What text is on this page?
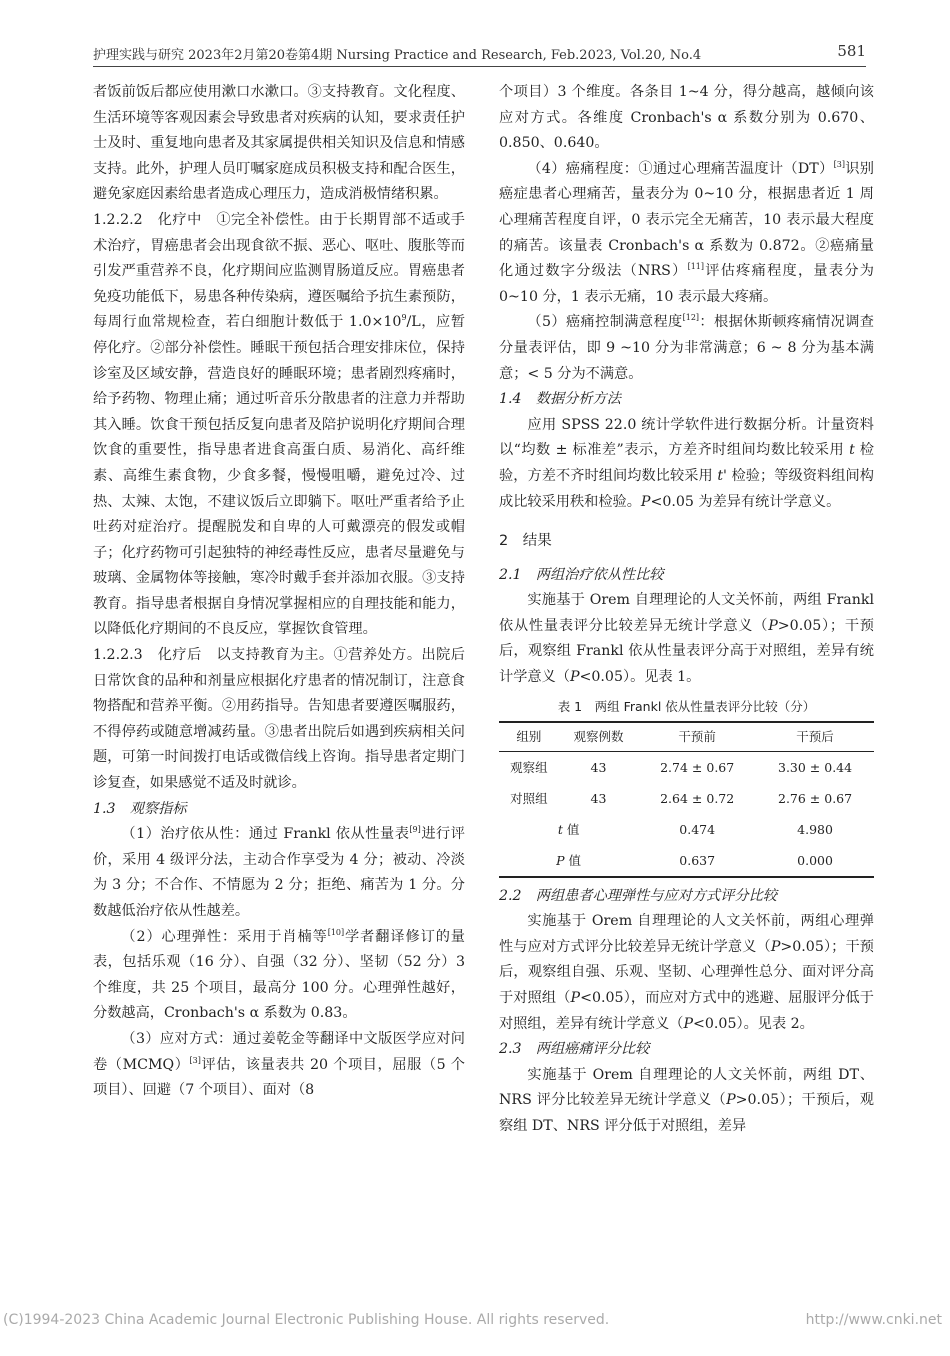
护理实践与研究 2023年2月第20卷第4期 Nursing Practice and Research, Feb.2023, Vol.20, No.4	581

者饭前饭后都应使用漱口水漱口。③支持教育。文化程度、生活环境等客观因素会导致患者对疾病的认知，要求责任护士及时、重复地向患者及其家属提供相关知识及信息和情感支持。此外，护理人员叮嘱家庭成员积极支持和配合医生，避免家庭因素给患者造成心理压力，造成消极情绪积累。

1.2.2.2　 化疗中　 ①完全补偿性。由于长期胃部不适或手术治疗，胃癌患者会出现食欲不振、恶心、呕吐、腹胀等而引发严重营养不良，化疗期间应监测胃肠道反应。胃癌患者免疫功能低下，易患各种传染病，遵医嘱给予抗生素预防，每周行血常规检查，若白细胞计数低于 $1.0\times 10^9/L$，应暂停化疗。②部分补偿性。睡眠干预包括合理安排床位，保持诊室及区域安静，营造良好的睡眠环境；患者剧烈疼痛时，给予药物、物理止痛；通过听音乐分散患者的注意力并帮助其入睡。饮食干预包括反复向患者及陪护说明化疗期间合理饮食的重要性，指导患者进食高蛋白质、易消化、高纤维素、高维生素食物，少食多餐，慢慢咀嚼，避免过冷、过热、太辣、太饱，不建议饭后立即躺下。呕吐严重者给予止吐药对症治疗。提醒脱发和自卑的人可戴漂亮的假发或帽子；化疗药物可引起独特的神经毒性反应，患者尽量避免与玻璃、金属物体等接触，寒冷时戴手套并添加衣服。③支持教育。指导患者根据自身情况掌握相应的自理技能和能力，以降低化疗期间的不良反应，掌握饮食管理。

1.2.2.3　 化疗后　 以支持教育为主。①营养处方。出院后日常饮食的品种和剂量应根据化疗患者的情况制订，注意食物搭配和营养平衡。②用药指导。告知患者要遵医嘱服药，不得停药或随意增减药量。③患者出院后如遇到疾病相关问题，可第一时间拨打电话或微信线上咨询。指导患者定期门诊复查，如果感觉不适及时就诊。

1.3　 观察指标

（1）治疗依从性：通过 Frankl 依从性量表[9]进行评价，采用 4 级评分法，主动合作享受为 4 分；被动、冷淡为 3 分；不合作、不情愿为 2 分；拒绝、痛苦为 1 分。分数越低治疗依从性越差。

（2）心理弹性：采用于肖楠等[10]学者翻译修订的量表，包括乐观（16 分）、自强（32 分）、坚韧（52 分）3 个维度，共 25 个项目，最高分 100 分。心理弹性越好，分数越高，Cronbach's α 系数为 0.83。

（3）应对方式：通过姜乾金等翻译中文版医学应对问卷（MCMQ）[3]评估，该量表共 20 个项目，屈服（5 个项目）、回避（7 个项目）、面对（8

个项目）3 个维度。各条目 1~4 分，得分越高，越倾向该应对方式。各维度 Cronbach's α 系数分别为 0.670、0.850、0.640。

（4）癌痛程度：①通过心理痛苦温度计（DT）[3]识别癌症患者心理痛苦，量表分为 0~10 分，根据患者近 1 周心理痛苦程度自评，0 表示完全无痛苦，10 表示最大程度的痛苦。该量表 Cronbach's α 系数为 0.872。②癌痛量化通过数字分级法（NRS）[11]评估疼痛程度，量表分为 0~10 分，1 表示无痛，10 表示最大疼痛。

（5）癌痛控制满意程度[12]：根据休斯顿疼痛情况调查分量表评估，即 9 ~10 分为非常满意；6 ~ 8 分为基本满意；< 5 分为不满意。

1.4　 数据分析方法

应用 SPSS 22.0 统计学软件进行数据分析。计量资料以“均数 ± 标准差”表示，方差齐时组间均数比较采用 t 检验，方差不齐时组间均数比较采用 t' 检验；等级资料组间构成比较采用秩和检验。P<0.05 为差异有统计学意义。

2　 结果

2.1　 两组治疗依从性比较

实施基于 Orem 自理理论的人文关怀前，两组 Frankl 依从性量表评分比较差异无统计学意义（P>0.05）；干预后，观察组 Frankl 依从性量表评分高于对照组，差异有统计学意义（P<0.05）。见表 1。

表 1　两组 Frankl 依从性量表评分比较（分）
组别	观察例数	干预前	干预后
观察组	43	2.74 ± 0.67	3.30 ± 0.44
对照组	43	2.64 ± 0.72	2.76 ± 0.67
t 值		0.474	4.980
P 值		0.637	0.000

2.2　 两组患者心理弹性与应对方式评分比较

实施基于 Orem 自理理论的人文关怀前，两组心理弹性与应对方式评分比较差异无统计学意义（P>0.05）；干预后，观察组自强、乐观、坚韧、心理弹性总分、面对评分高于对照组（P<0.05），而应对方式中的逃避、屈服评分低于对照组，差异有统计学意义（P<0.05）。见表 2。

2.3　 两组癌痛评分比较

实施基于 Orem 自理理论的人文关怀前，两组 DT、NRS 评分比较差异无统计学意义（P>0.05）；干预后，观察组 DT、NRS 评分低于对照组，差异

(C)1994-2023 China Academic Journal Electronic Publishing House. All rights reserved.	http://www.cnki.net
